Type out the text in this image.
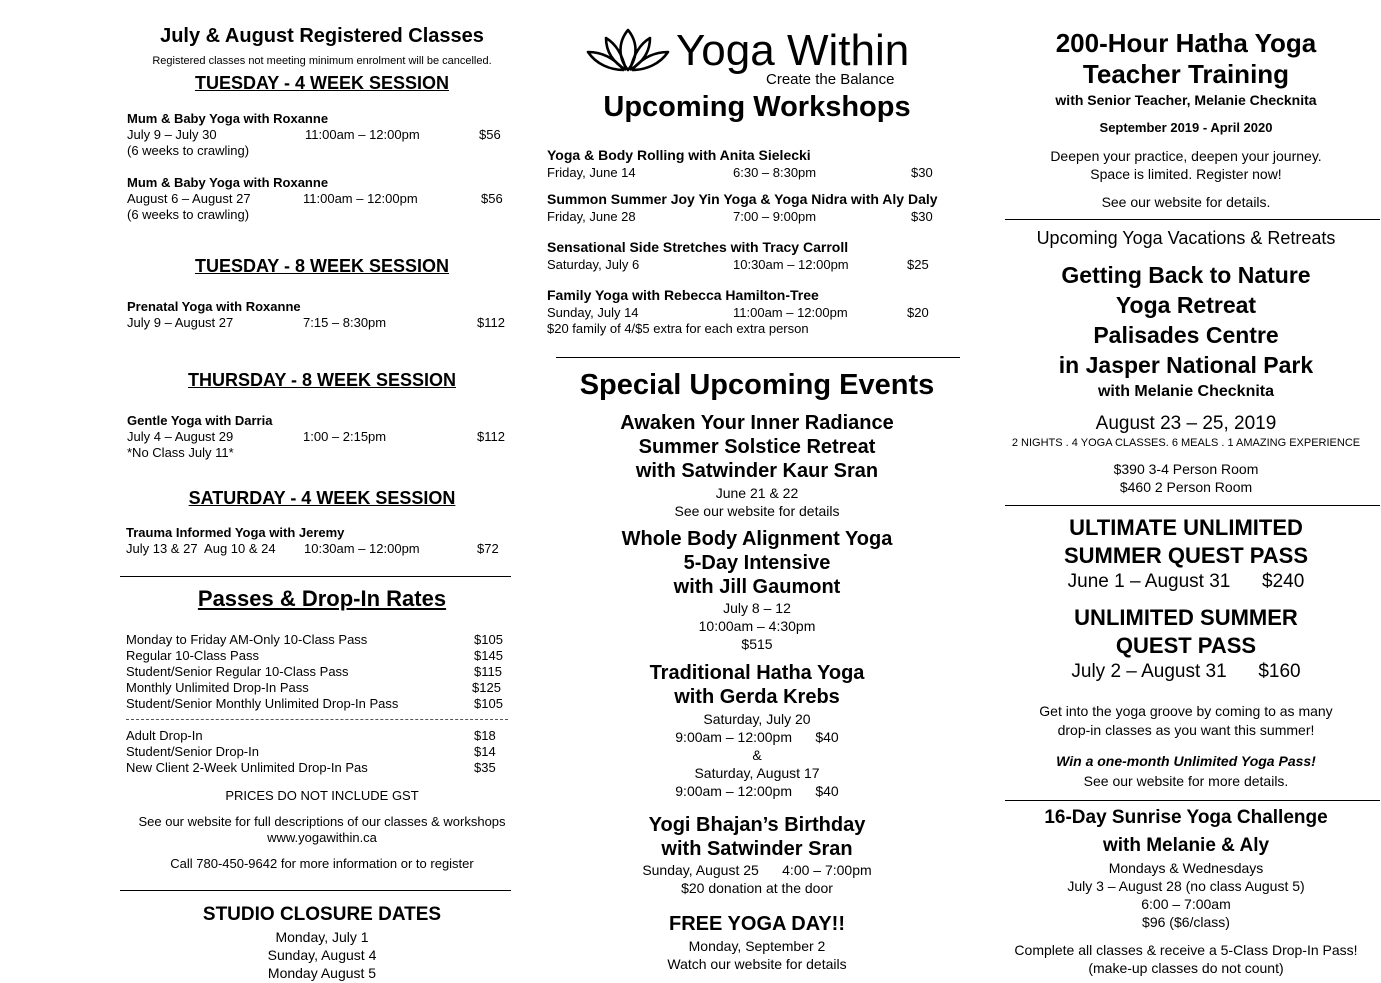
July & August Registered Classes
Registered classes not meeting minimum enrolment will be cancelled.
TUESDAY - 4 WEEK SESSION
Mum & Baby Yoga with Roxanne
July 9 – July 30	11:00am – 12:00pm	$56
(6 weeks to crawling)
Mum & Baby Yoga with Roxanne
August 6 – August 27	11:00am – 12:00pm	$56
(6 weeks to crawling)
TUESDAY - 8 WEEK SESSION
Prenatal Yoga with Roxanne
July 9 – August 27	7:15 – 8:30pm	$112
THURSDAY - 8 WEEK SESSION
Gentle Yoga with Darria
July 4 – August 29	1:00 – 2:15pm	$112
*No Class July 11*
SATURDAY - 4 WEEK SESSION
Trauma Informed Yoga with Jeremy
July 13 & 27  Aug 10 & 24 10:30am – 12:00pm	$72
Passes & Drop-In Rates
Monday to Friday AM-Only 10-Class Pass	$105
Regular 10-Class Pass	$145
Student/Senior Regular 10-Class Pass	$115
Monthly Unlimited Drop-In Pass	$125
Student/Senior Monthly Unlimited Drop-In Pass	$105
Adult Drop-In	$18
Student/Senior Drop-In	$14
New Client 2-Week Unlimited Drop-In Pas	$35
PRICES DO NOT INCLUDE GST
See our website for full descriptions of our classes & workshops
www.yogawithin.ca
Call 780-450-9642 for more information or to register
STUDIO CLOSURE DATES
Monday, July 1
Sunday, August 4
Monday August 5
Yoga Within
Create the Balance
Upcoming Workshops
Yoga & Body Rolling with Anita Sielecki
Friday, June 14	6:30 – 8:30pm	$30
Summon Summer Joy Yin Yoga & Yoga Nidra with Aly Daly
Friday, June 28	7:00 – 9:00pm	$30
Sensational Side Stretches with Tracy Carroll
Saturday, July 6	10:30am – 12:00pm	$25
Family Yoga with Rebecca Hamilton-Tree
Sunday, July 14	11:00am – 12:00pm	$20
$20 family of 4/$5 extra for each extra person
Special Upcoming Events
Awaken Your Inner Radiance
Summer Solstice Retreat
with Satwinder Kaur Sran
June 21 & 22
See our website for details
Whole Body Alignment Yoga
5-Day Intensive
with Jill Gaumont
July 8 – 12
10:00am – 4:30pm
$515
Traditional Hatha Yoga
with Gerda Krebs
Saturday, July 20
9:00am – 12:00pm      $40
&
Saturday, August 17
9:00am – 12:00pm      $40
Yogi Bhajan’s Birthday
with Satwinder Sran
Sunday, August 25      4:00 – 7:00pm
$20 donation at the door
FREE YOGA DAY!!
Monday, September 2
Watch our website for details
200-Hour Hatha Yoga
Teacher Training
with Senior Teacher, Melanie Checknita
September 2019 - April 2020
Deepen your practice, deepen your journey.
Space is limited. Register now!
See our website for details.
Upcoming Yoga Vacations & Retreats
Getting Back to Nature
Yoga Retreat
Palisades Centre
in Jasper National Park
with Melanie Checknita
August 23 – 25, 2019
2 NIGHTS . 4 YOGA CLASSES. 6 MEALS . 1 AMAZING EXPERIENCE
$390 3-4 Person Room
$460 2 Person Room
ULTIMATE UNLIMITED
SUMMER QUEST PASS
June 1 – August 31      $240
UNLIMITED SUMMER
QUEST PASS
July 2 – August 31      $160
Get into the yoga groove by coming to as many
drop-in classes as you want this summer!
Win a one-month Unlimited Yoga Pass!
See our website for more details.
16-Day Sunrise Yoga Challenge
with Melanie & Aly
Mondays & Wednesdays
July 3 – August 28 (no class August 5)
6:00 – 7:00am
$96 ($6/class)
Complete all classes & receive a 5-Class Drop-In Pass!
(make-up classes do not count)
